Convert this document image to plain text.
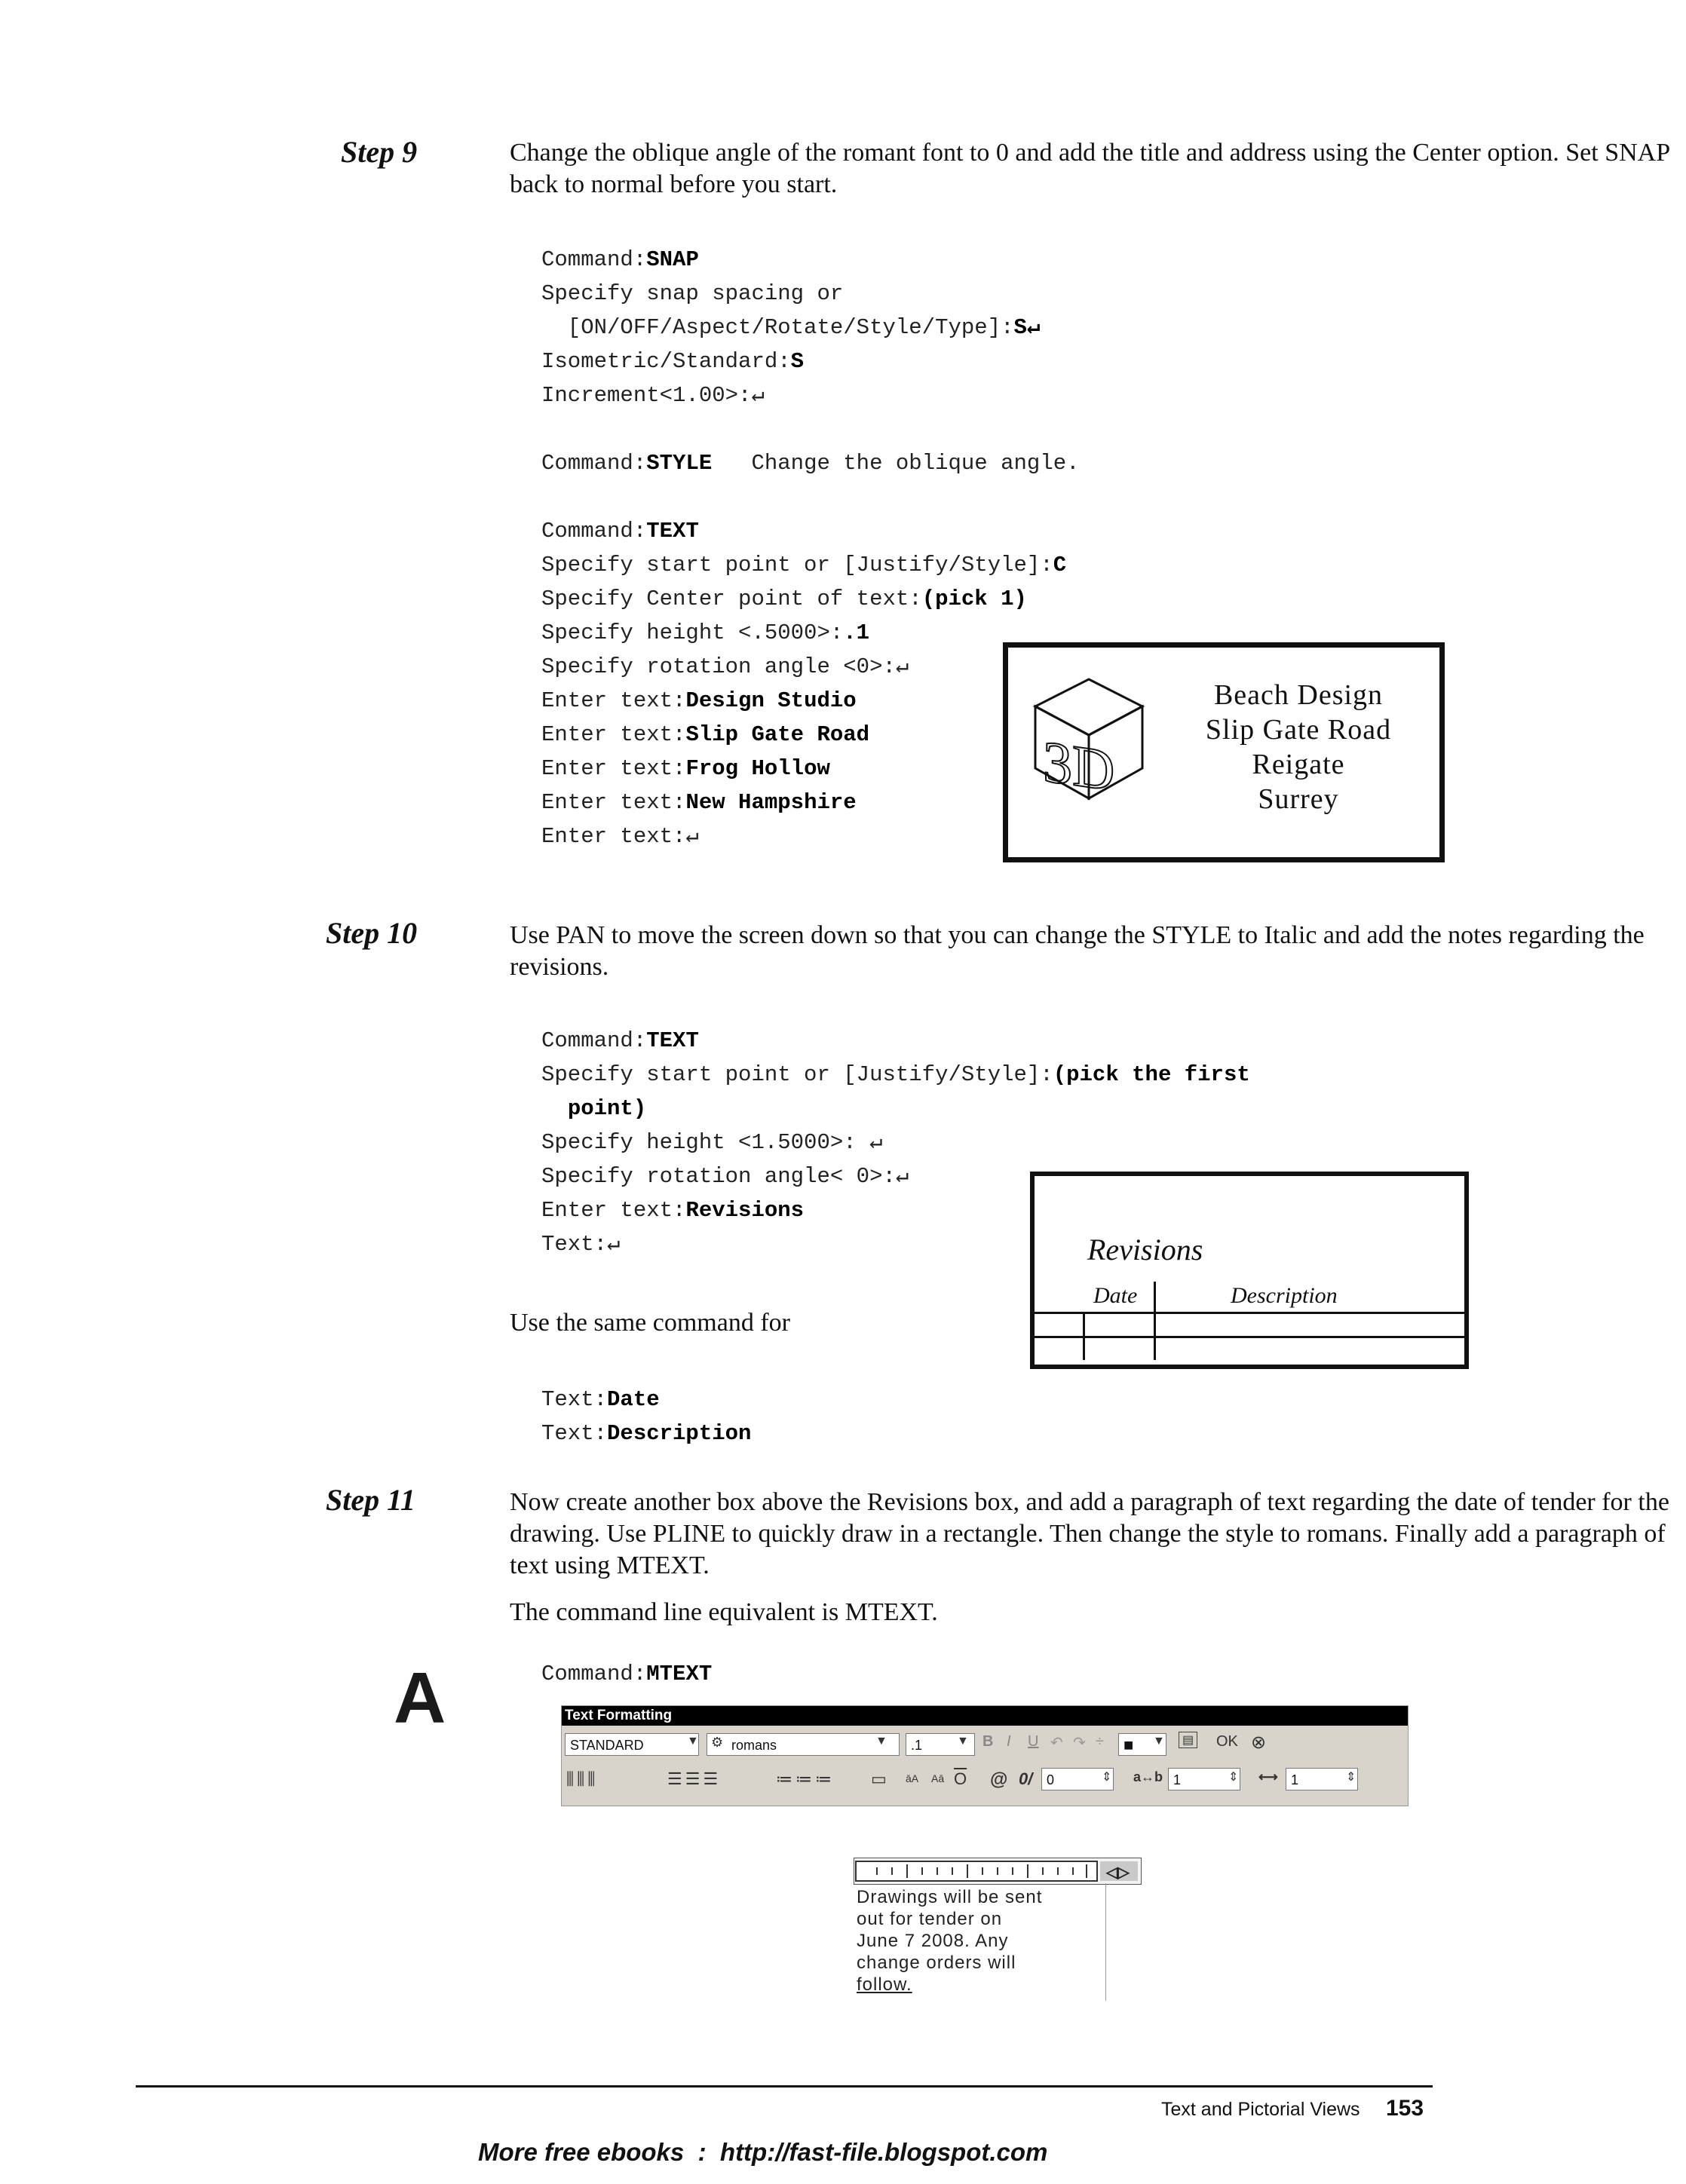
Step 9	Change the oblique angle of the romant font to 0 and add the title and address using the Center option. Set SNAP back to normal before you start.
Command:SNAP
Specify snap spacing or
[ON/OFF/Aspect/Rotate/Style/Type]:S↵
Isometric/Standard:S
Increment<1.00>:↵

Command:STYLE   Change the oblique angle.

Command:TEXT
Specify start point or [Justify/Style]:C
Specify Center point of text:(pick 1)
Specify height <.5000>:.1
Specify rotation angle <0>:↵
Enter text:Design Studio
Enter text:Slip Gate Road
Enter text:Frog Hollow
Enter text:New Hampshire
Enter text:↵
3D
Beach Design
Slip Gate Road
Reigate
Surrey
Step 10	Use PAN to move the screen down so that you can change the STYLE to Italic and add the notes regarding the revisions.
Command:TEXT
Specify start point or [Justify/Style]:(pick the first
point)
Specify height <1.5000>: ↵
Specify rotation angle< 0>:↵
Enter text:Revisions
Text:↵
Use the same command for
Text:Date
Text:Description
Revisions
Date	Description
Step 11	Now create another box above the Revisions box, and add a paragraph of text regarding the date of tender for the drawing. Use PLINE to quickly draw in a rectangle. Then change the style to romans. Finally add a paragraph of text using MTEXT.
The command line equivalent is MTEXT.
A	Command:MTEXT
Text Formatting
STANDARD	▼	romans
⚙	▼	.1	▼ B I U ↶ ↷ ÷	■	▼	▤ OK ⊗
⫼⫼⫼	☰☰☰	≔≔≔ ▭ āA Aā $\overline{O}$ @ 0/	0	⇕ a↔b 1	⇕ ⟷ 1	⇕
◁▷
Drawings will be sent
out for tender on
June 7 2008. Any
change orders will
follow.
Text and Pictorial Views 153
More free ebooks  :  http://fast-file.blogspot.com
